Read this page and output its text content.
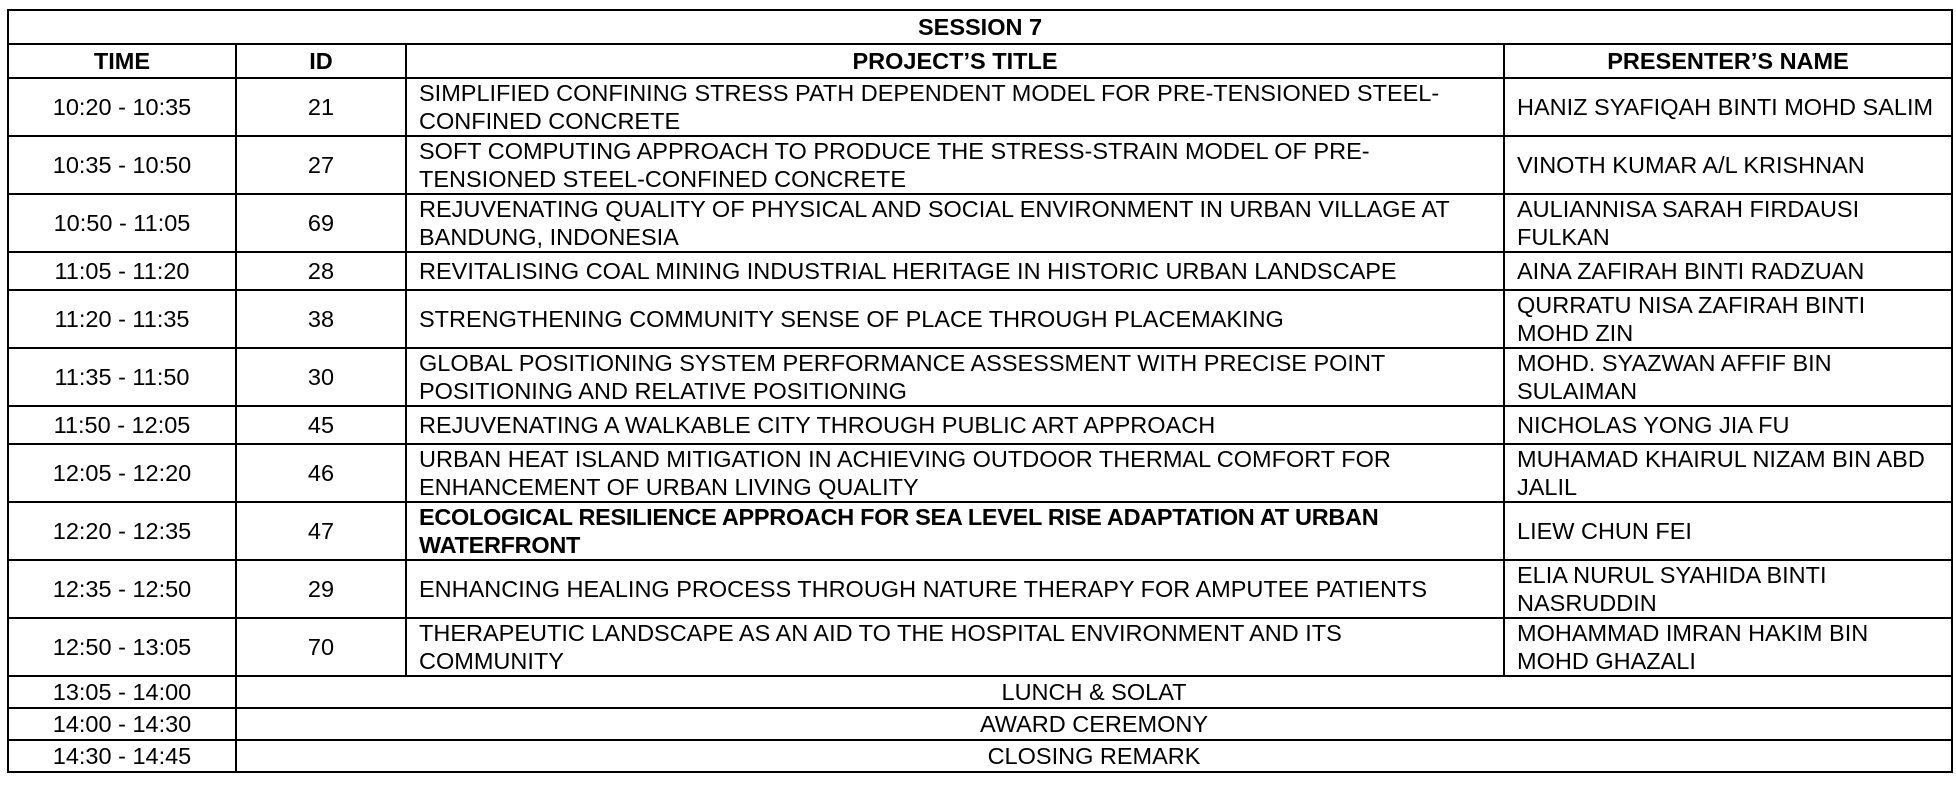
SESSION 7			
TIME	ID	PROJECT’S TITLE	PRESENTER’S NAME
10:20 - 10:35	21	SIMPLIFIED CONFINING STRESS PATH DEPENDENT MODEL FOR PRE-TENSIONED STEEL-CONFINED CONCRETE	HANIZ SYAFIQAH BINTI MOHD SALIM
10:35 - 10:50	27	SOFT COMPUTING APPROACH TO PRODUCE THE STRESS-STRAIN MODEL OF PRE-TENSIONED STEEL-CONFINED CONCRETE	VINOTH KUMAR A/L KRISHNAN
10:50 - 11:05	69	REJUVENATING QUALITY OF PHYSICAL AND SOCIAL ENVIRONMENT IN URBAN VILLAGE AT BANDUNG, INDONESIA	AULIANNISA SARAH FIRDAUSI FULKAN
11:05 - 11:20	28	REVITALISING COAL MINING INDUSTRIAL HERITAGE IN HISTORIC URBAN LANDSCAPE	AINA ZAFIRAH BINTI RADZUAN
11:20 - 11:35	38	STRENGTHENING COMMUNITY SENSE OF PLACE THROUGH PLACEMAKING	QURRATU NISA ZAFIRAH BINTI MOHD ZIN
11:35 - 11:50	30	GLOBAL POSITIONING SYSTEM PERFORMANCE ASSESSMENT WITH PRECISE POINT POSITIONING AND RELATIVE POSITIONING	MOHD. SYAZWAN AFFIF BIN SULAIMAN
11:50 - 12:05	45	REJUVENATING A WALKABLE CITY THROUGH PUBLIC ART APPROACH	NICHOLAS YONG JIA FU
12:05 - 12:20	46	URBAN HEAT ISLAND MITIGATION IN ACHIEVING OUTDOOR THERMAL COMFORT FOR ENHANCEMENT OF URBAN LIVING QUALITY	MUHAMAD KHAIRUL NIZAM BIN ABD JALIL
12:20 - 12:35	47	ECOLOGICAL RESILIENCE APPROACH FOR SEA LEVEL RISE ADAPTATION AT URBAN WATERFRONT	LIEW CHUN FEI
12:35 - 12:50	29	ENHANCING HEALING PROCESS THROUGH NATURE THERAPY FOR AMPUTEE PATIENTS	ELIA NURUL SYAHIDA BINTI NASRUDDIN
12:50 - 13:05	70	THERAPEUTIC LANDSCAPE AS AN AID TO THE HOSPITAL ENVIRONMENT AND ITS COMMUNITY	MOHAMMAD IMRAN HAKIM BIN MOHD GHAZALI
13:05 - 14:00	LUNCH & SOLAT		
14:00 - 14:30	AWARD CEREMONY		
14:30 - 14:45	CLOSING REMARK		
